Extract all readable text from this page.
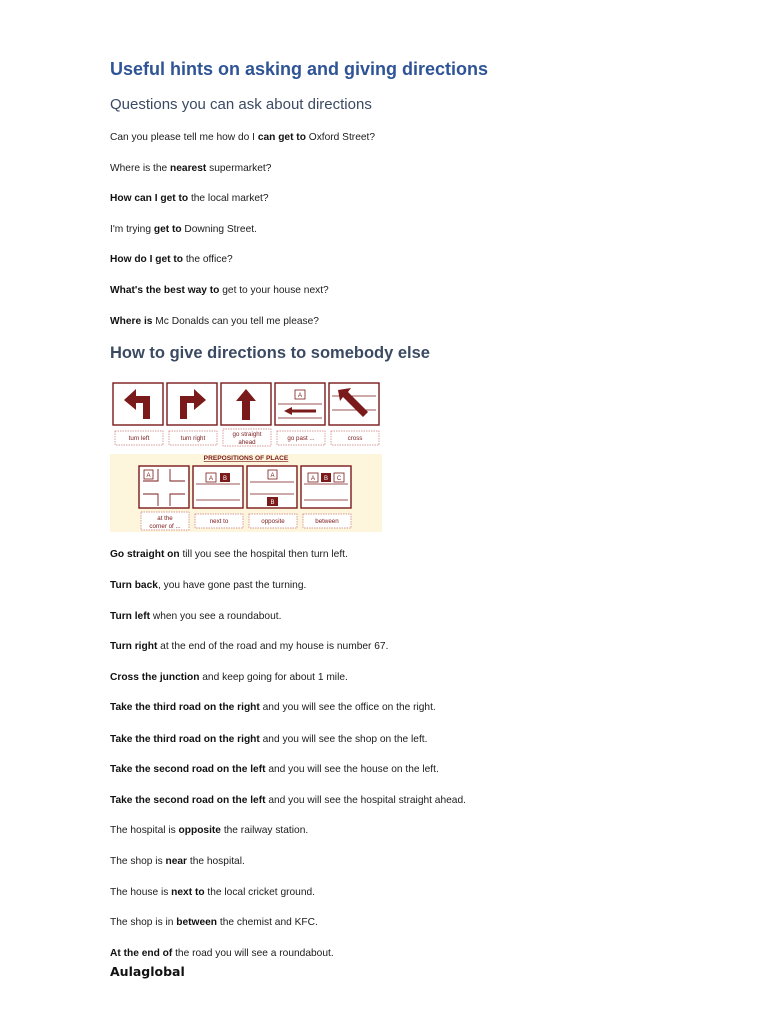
Useful hints on asking and giving directions
Questions you can ask about directions
Can you please tell me how do I can get to Oxford Street?
Where is the nearest supermarket?
How can I get to the local market?
I'm trying get to Downing Street.
How do I get to the office?
What's the best way to get to your house next?
Where is Mc Donalds can you tell me please?
How to give directions to somebody else
A
turn left	turn right
go straight
ahead
go past ...	cross
PREPOSITIONS OF PLACE
A	A B	A
B
A B C
at the
corner of ...
next to	opposite	between
Go straight on till you see the hospital then turn left.
Turn back, you have gone past the turning.
Turn left when you see a roundabout.
Turn right at the end of the road and my house is number 67.
Cross the junction and keep going for about 1 mile.
Take the third road on the right and you will see the office on the right.
Take the third road on the right and you will see the shop on the left.
Take the second road on the left and you will see the house on the left.
Take the second road on the left and you will see the hospital straight ahead.
The hospital is opposite the railway station.
The shop is near the hospital.
The house is next to the local cricket ground.
The shop is in between the chemist and KFC.
At the end of the road you will see a roundabout.
Aulaglobal
